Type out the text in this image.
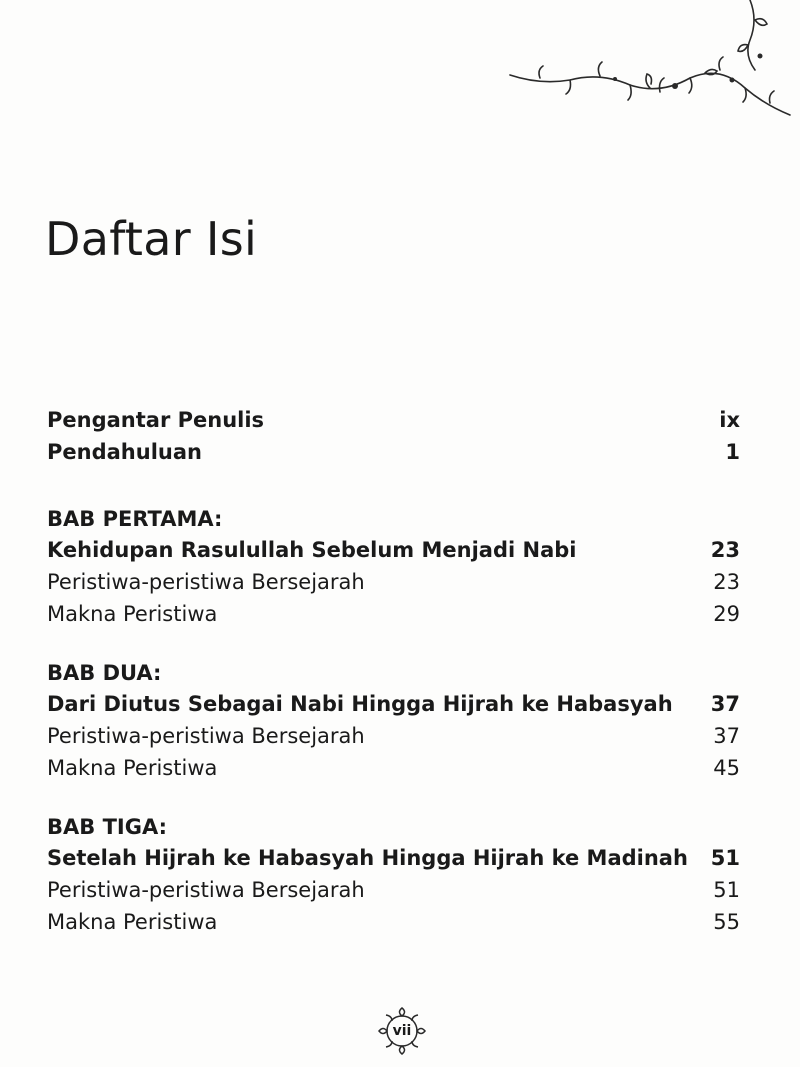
Daftar Isi
Pengantar Penulis	ix
Pendahuluan	1
BAB PERTAMA:
Kehidupan Rasulullah Sebelum Menjadi Nabi	23
Peristiwa-peristiwa Bersejarah	23
Makna Peristiwa	29
BAB DUA:
Dari Diutus Sebagai Nabi Hingga Hijrah ke Habasyah 37
Peristiwa-peristiwa Bersejarah	37
Makna Peristiwa	45
BAB TIGA:
Setelah Hijrah ke Habasyah Hingga Hijrah ke Madinah 51
Peristiwa-peristiwa Bersejarah	51
Makna Peristiwa	55
vii
